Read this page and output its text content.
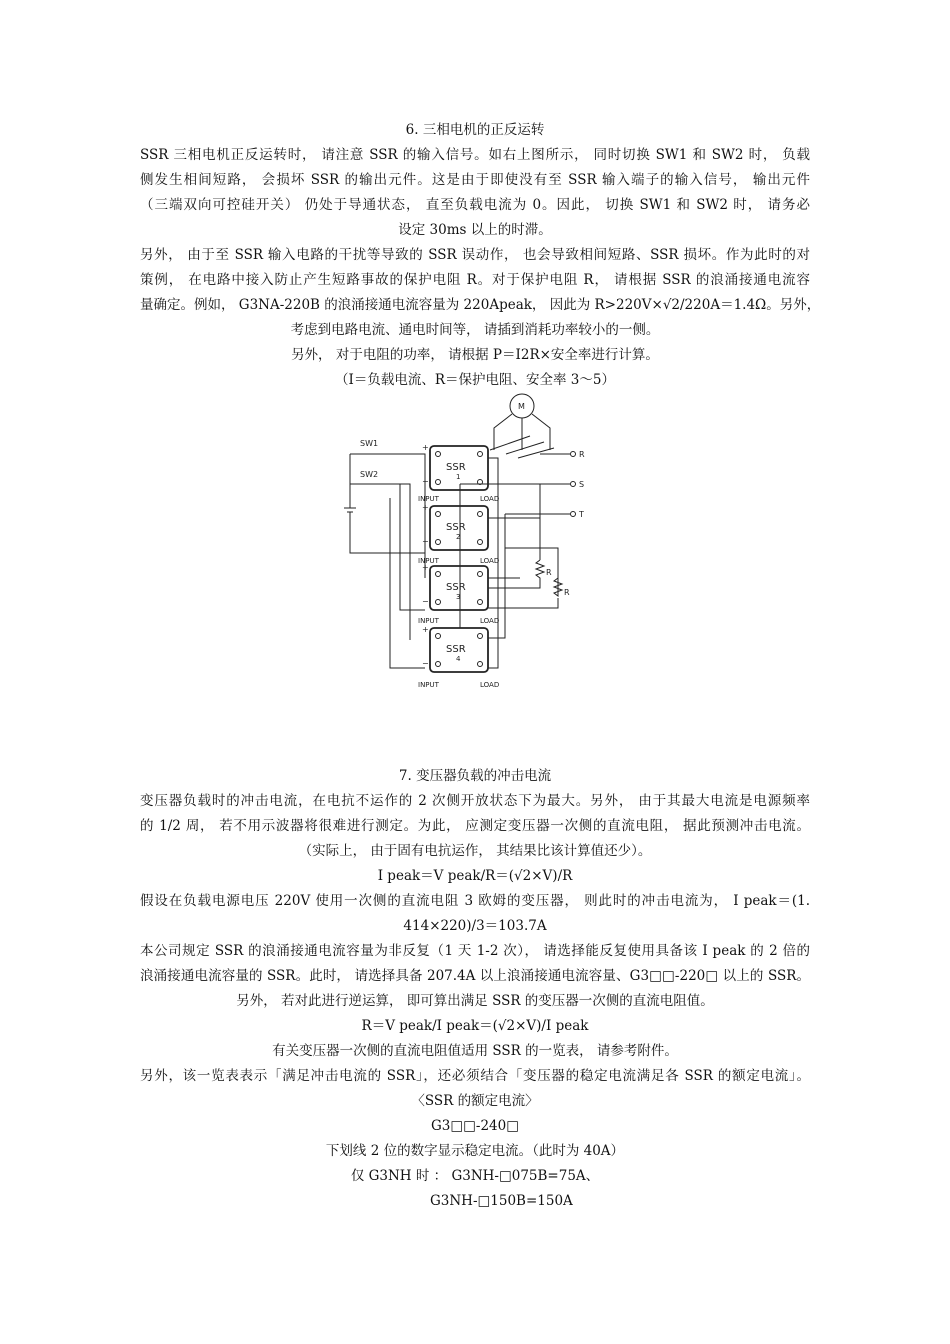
6. 三相电机的正反运转
SSR 三相电机正反运转时， 请注意 SSR 的输入信号。如右上图所示， 同时切换 SW1 和 SW2 时， 负载
侧发生相间短路， 会损坏 SSR 的输出元件。这是由于即使没有至 SSR 输入端子的输入信号， 输出元件
（三端双向可控硅开关） 仍处于导通状态， 直至负载电流为 0。因此， 切换 SW1 和 SW2 时， 请务必
设定 30ms 以上的时滞。
另外， 由于至 SSR 输入电路的干扰等导致的 SSR 误动作， 也会导致相间短路、SSR 损坏。作为此时的对
策例， 在电路中接入防止产生短路事故的保护电阻 R。对于保护电阻 R， 请根据 SSR 的浪涌接通电流容
量确定。例如， G3NA-220B 的浪涌接通电流容量为 220Apeak， 因此为 R>220V×√2/220A＝1.4Ω。另外，
考虑到电路电流、通电时间等， 请插到消耗功率较小的一侧。
另外， 对于电阻的功率， 请根据 P＝I2R×安全率进行计算。
（I＝负载电流、R＝保护电阻、安全率 3～5）
M
SW1
SW2
R
S
T
R
R
SSR
1
SSR
2
SSR
3
SSR
4
INPUT	LOAD
INPUT	LOAD
INPUT	LOAD
INPUT	LOAD
+
−
+
−
+
−
+
−
7. 变压器负载的冲击电流
变压器负载时的冲击电流，在电抗不运作的 2 次侧开放状态下为最大。另外， 由于其最大电流是电源频率
的 1/2 周， 若不用示波器将很难进行测定。为此， 应测定变压器一次侧的直流电阻， 据此预测冲击电流。
（实际上， 由于固有电抗运作， 其结果比该计算值还少）。
I peak＝V peak/R＝(√2×V)/R
假设在负载电源电压 220V 使用一次侧的直流电阻 3 欧姆的变压器， 则此时的冲击电流为， I peak＝(1.
414×220)/3＝103.7A
本公司规定 SSR 的浪涌接通电流容量为非反复（1 天 1-2 次）， 请选择能反复使用具备该 I peak 的 2 倍的
浪涌接通电流容量的 SSR。此时， 请选择具备 207.4A 以上浪涌接通电流容量、G3□□-220□ 以上的 SSR。
另外， 若对此进行逆运算， 即可算出满足 SSR 的变压器一次侧的直流电阻值。
R＝V peak/I peak＝(√2×V)/I peak
有关变压器一次侧的直流电阻值适用 SSR 的一览表， 请参考附件。
另外，该一览表表示「满足冲击电流的 SSR」，还必须结合「变压器的稳定电流满足各 SSR 的额定电流」。
〈SSR 的额定电流〉
G3□□-240□
下划线 2 位的数字显示稳定电流。（此时为 40A）
仅 G3NH 时 ： G3NH-□075B=75A、
G3NH-□150B=150A
